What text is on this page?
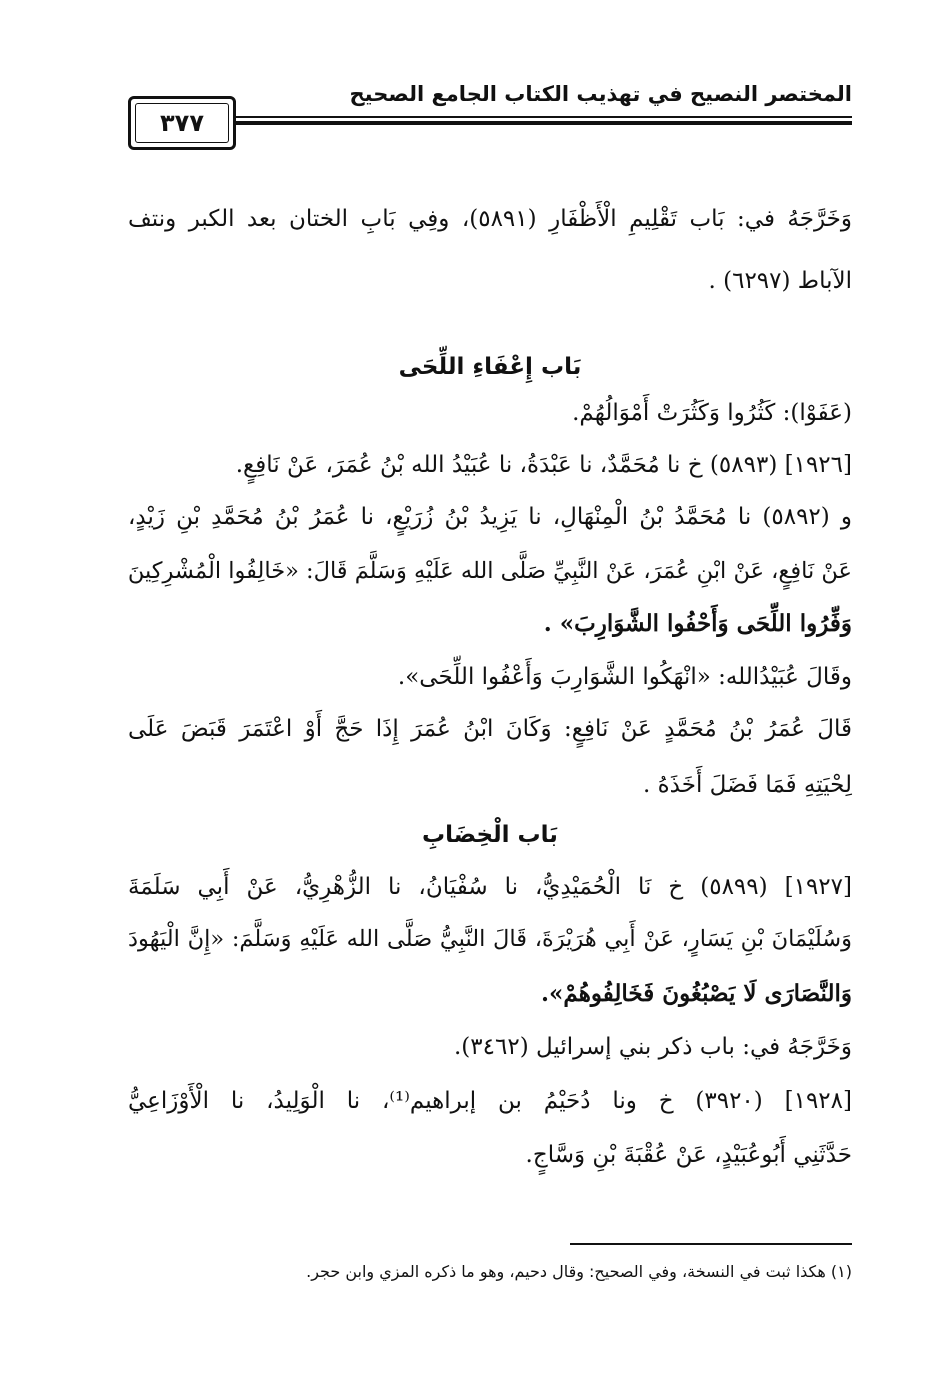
المختصر النصيح في تهذيب الكتاب الجامع الصحيح
٣٧٧
وَخَرَّجَهُ في: بَاب تَقْلِيمِ الْأَظْفَارِ (٥٨٩١)، وفِي بَابِ الختان بعد الكبر ونتف
الآباط (٦٢٩٧) .
بَاب إِعْفَاءِ اللِّحَى
(عَفَوْا): كَثُرُوا وَكَثُرَتْ أَمْوَالُهُمْ.
[١٩٢٦] (٥٨٩٣) خ نا مُحَمَّدٌ، نا عَبْدَةُ، نا عُبَيْدُ الله بْنُ عُمَرَ، عَنْ نَافِعٍ.
و (٥٨٩٢) نا مُحَمَّدُ بْنُ الْمِنْهَالِ، نا يَزِيدُ بْنُ زُرَيْعٍ، نا عُمَرُ بْنُ مُحَمَّدِ بْنِ زَيْدٍ،
عَنْ نَافِعٍ، عَنْ ابْنِ عُمَرَ، عَنْ النَّبِيِّ صَلَّى الله عَلَيْهِ وَسَلَّمَ قَالَ: «خَالِفُوا الْمُشْرِكِينَ
وَفِّرُوا اللِّحَى وَأَحْفُوا الشَّوَارِبَ» .
وقَالَ عُبَيْدُالله: «انْهَكُوا الشَّوَارِبَ وَأَعْفُوا اللِّحَى».
قَالَ عُمَرُ بْنُ مُحَمَّدٍ عَنْ نَافِعٍ: وَكَانَ ابْنُ عُمَرَ إِذَا حَجَّ أَوْ اعْتَمَرَ قَبَضَ عَلَى
لِحْيَتِهِ فَمَا فَضَلَ أَخَذَهُ .
بَاب الْخِضَابِ
[١٩٢٧] (٥٨٩٩) خ نَا الْحُمَيْدِيُّ، نا سُفْيَانُ، نا الزُّهْرِيُّ، عَنْ أَبِي سَلَمَةَ
وَسُلَيْمَانَ بْنِ يَسَارٍ، عَنْ أَبِي هُرَيْرَةَ، قَالَ النَّبِيُّ صَلَّى الله عَلَيْهِ وَسَلَّمَ: «إِنَّ الْيَهُودَ
وَالنَّصَارَى لَا يَصْبُغُونَ فَخَالِفُوهُمْ».
وَخَرَّجَهُ في: باب ذكر بني إسرائيل (٣٤٦٢).
[١٩٢٨] (٣٩٢٠) خ ونا دُحَيْمُ بن إبراهيم⁽¹⁾، نا الْوَلِيدُ، نا الْأَوْزَاعِيُّ
حَدَّثَنِي أَبُوعُبَيْدٍ، عَنْ عُقْبَةَ بْنِ وَسَّاجٍ.
(١) هكذا ثبت في النسخة، وفي الصحيح: وقال دحيم، وهو ما ذكره المزي وابن حجر.
